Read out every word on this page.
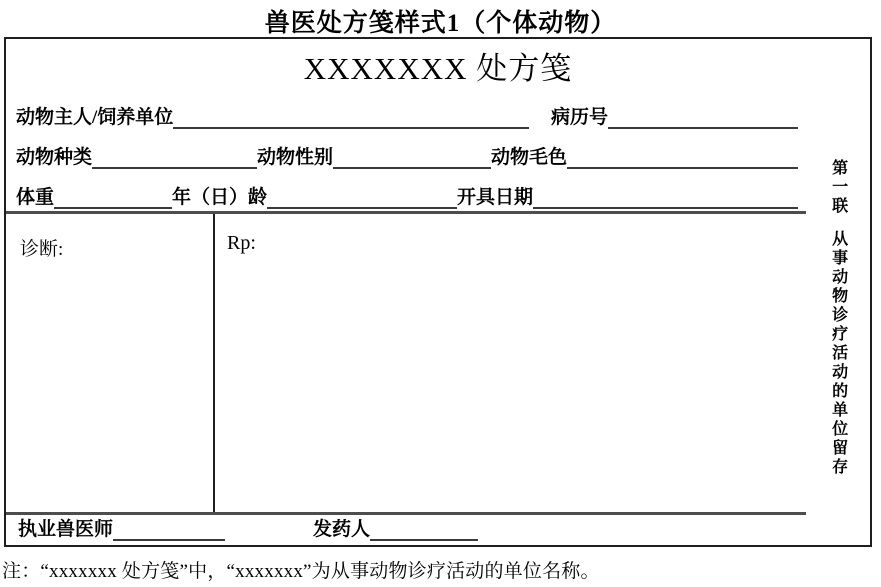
兽医处方笺样式1（个体动物）
XXXXXXX 处方笺
动物主人/饲养单位	病历号
动物种类	动物性别	动物毛色
体重	年（日）龄	开具日期
诊断:	Rp:
执业兽医师	发药人
第一联从事动物诊疗活动的单位留存
注：“xxxxxxx 处方笺”中，“xxxxxxx”为从事动物诊疗活动的单位名称。
